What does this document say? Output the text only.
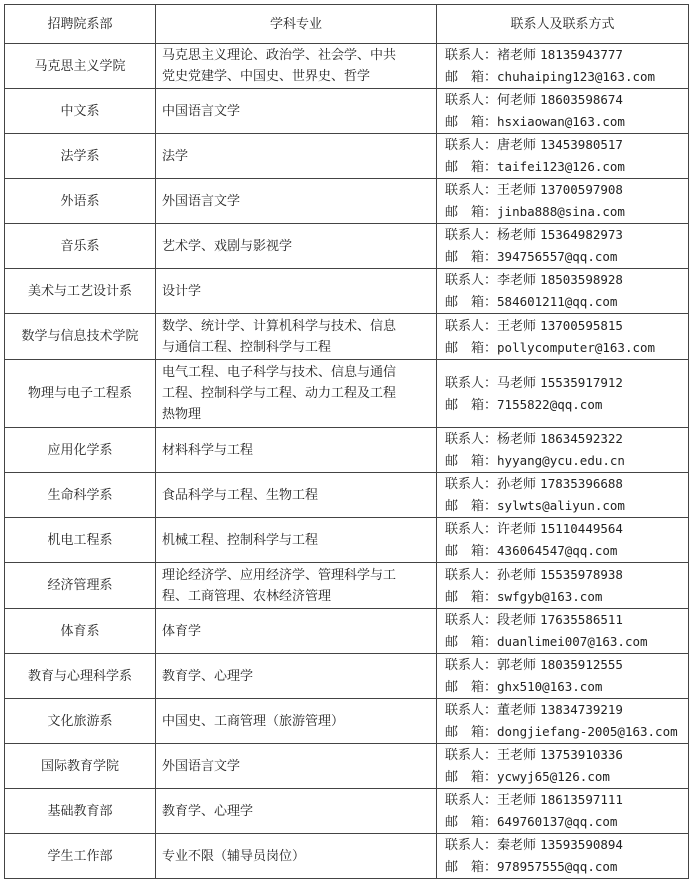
招聘院系部	学科专业	联系人及联系方式
马克思主义学院	马克思主义理论、政治学、社会学、中共
党史党建学、中国史、世界史、哲学	联系人：褚老师 18135943777
邮　箱：chuhaiping123@163.com

中文系	中国语言文学	联系人：何老师 18603598674
邮　箱：hsxiaowan@163.com

法学系	法学	联系人：唐老师 13453980517
邮　箱：taifei123@126.com

外语系	外国语言文学	联系人：王老师 13700597908
邮　箱：jinba888@sina.com

音乐系	艺术学、戏剧与影视学	联系人：杨老师 15364982973
邮　箱：394756557@qq.com

美术与工艺设计系	设计学	联系人：李老师 18503598928
邮　箱：584601211@qq.com

数学与信息技术学院	数学、统计学、计算机科学与技术、信息
与通信工程、控制科学与工程	联系人：王老师 13700595815
邮　箱：pollycomputer@163.com

物理与电子工程系	电气工程、电子科学与技术、信息与通信
工程、控制科学与工程、动力工程及工程
热物理	联系人：马老师 15535917912
邮　箱：7155822@qq.com

应用化学系	材料科学与工程	联系人：杨老师 18634592322
邮　箱：hyyang@ycu.edu.cn

生命科学系	食品科学与工程、生物工程	联系人：孙老师 17835396688
邮　箱：sylwts@aliyun.com

机电工程系	机械工程、控制科学与工程	联系人：许老师 15110449564
邮　箱：436064547@qq.com

经济管理系	理论经济学、应用经济学、管理科学与工
程、工商管理、农林经济管理	联系人：孙老师 15535978938
邮　箱：swfgyb@163.com

体育系	体育学	联系人：段老师 17635586511
邮　箱：duanlimei007@163.com

教育与心理科学系	教育学、心理学	联系人：郭老师 18035912555
邮　箱：ghx510@163.com

文化旅游系	中国史、工商管理（旅游管理）	联系人：董老师 13834739219
邮　箱：dongjiefang-2005@163.com

国际教育学院	外国语言文学	联系人：王老师 13753910336
邮　箱：ycwyj65@126.com

基础教育部	教育学、心理学	联系人：王老师 18613597111
邮　箱：649760137@qq.com

学生工作部	专业不限（辅导员岗位）	联系人：秦老师 13593590894
邮　箱：978957555@qq.com
